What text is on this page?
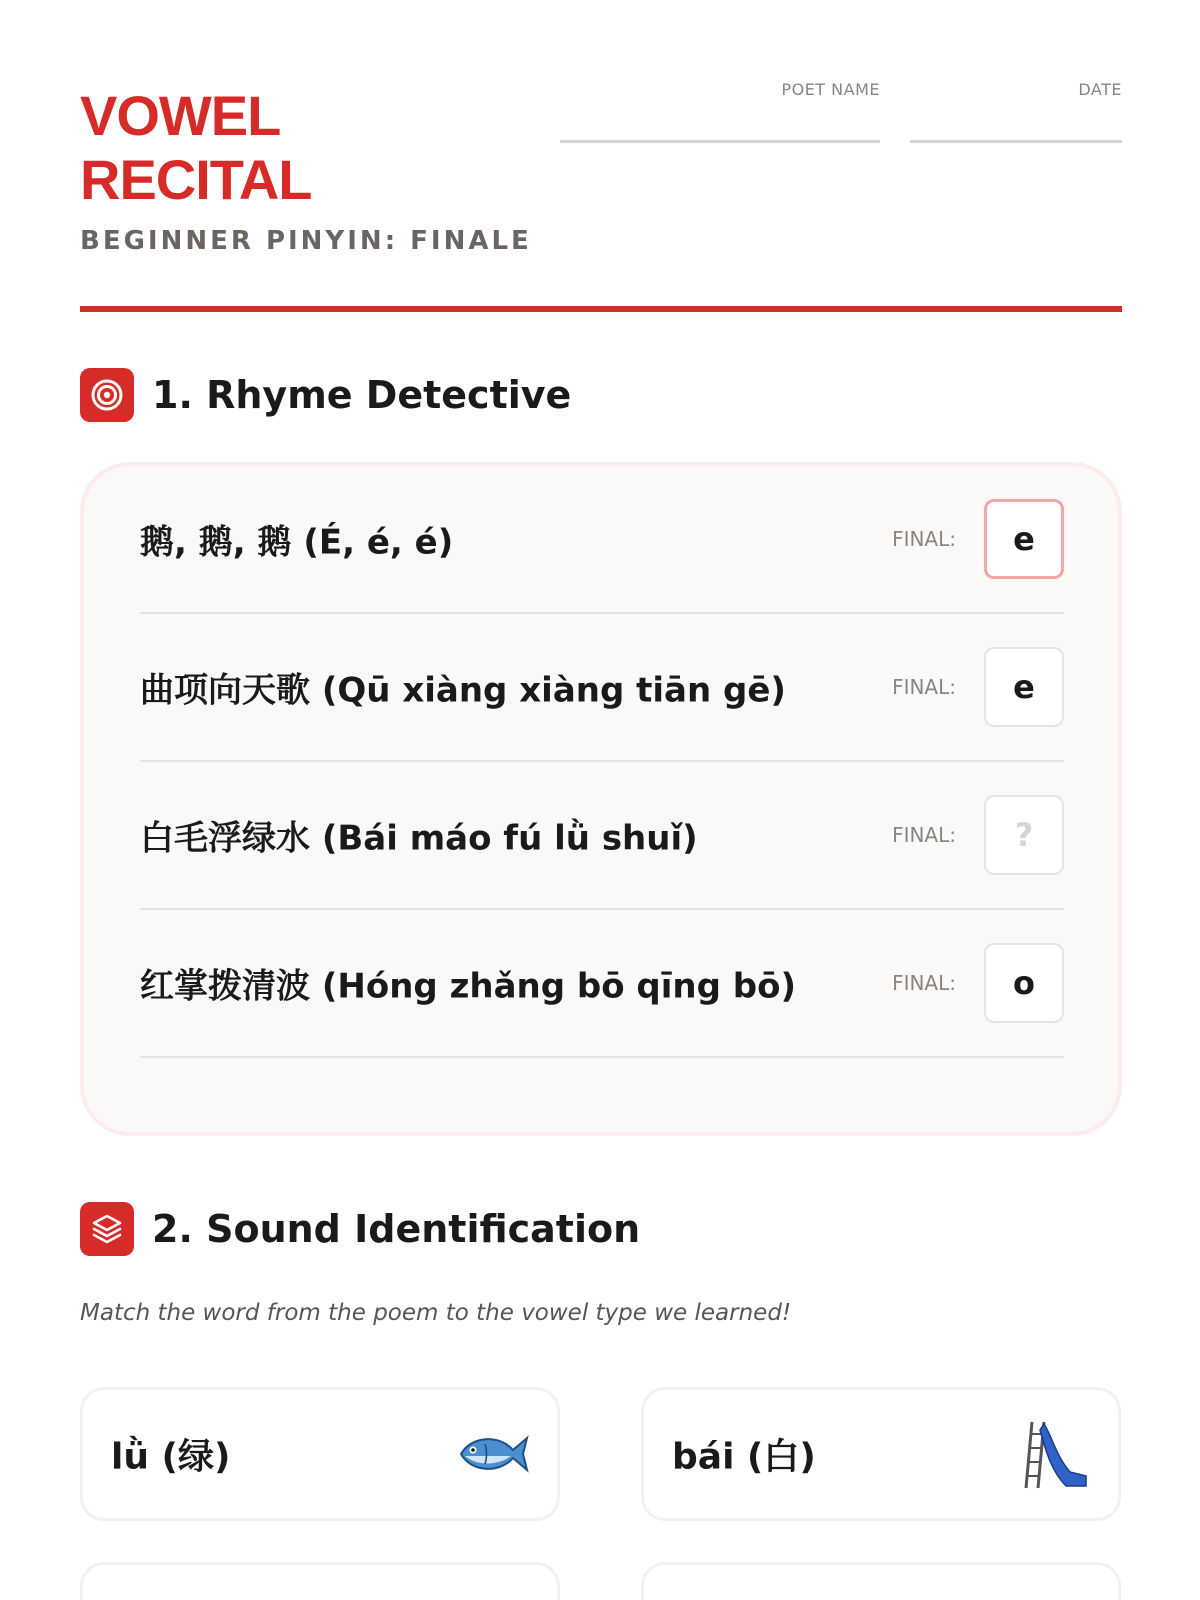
VOWEL
RECITAL
BEGINNER PINYIN: FINALE
POET NAME	DATE
1. Rhyme Detective
鹅, 鹅, 鹅 (É, é, é)	FINAL:	e
曲项向天歌 (Qū xiàng xiàng tiān gē)	FINAL:	e
白毛浮绿水 (Bái máo fú lǜ shuǐ)	FINAL:	?
红掌拨清波 (Hóng zhǎng bō qīng bō)	FINAL:	o
2. Sound Identification
Match the word from the poem to the vowel type we learned!
lǜ (绿)	bái (白)
